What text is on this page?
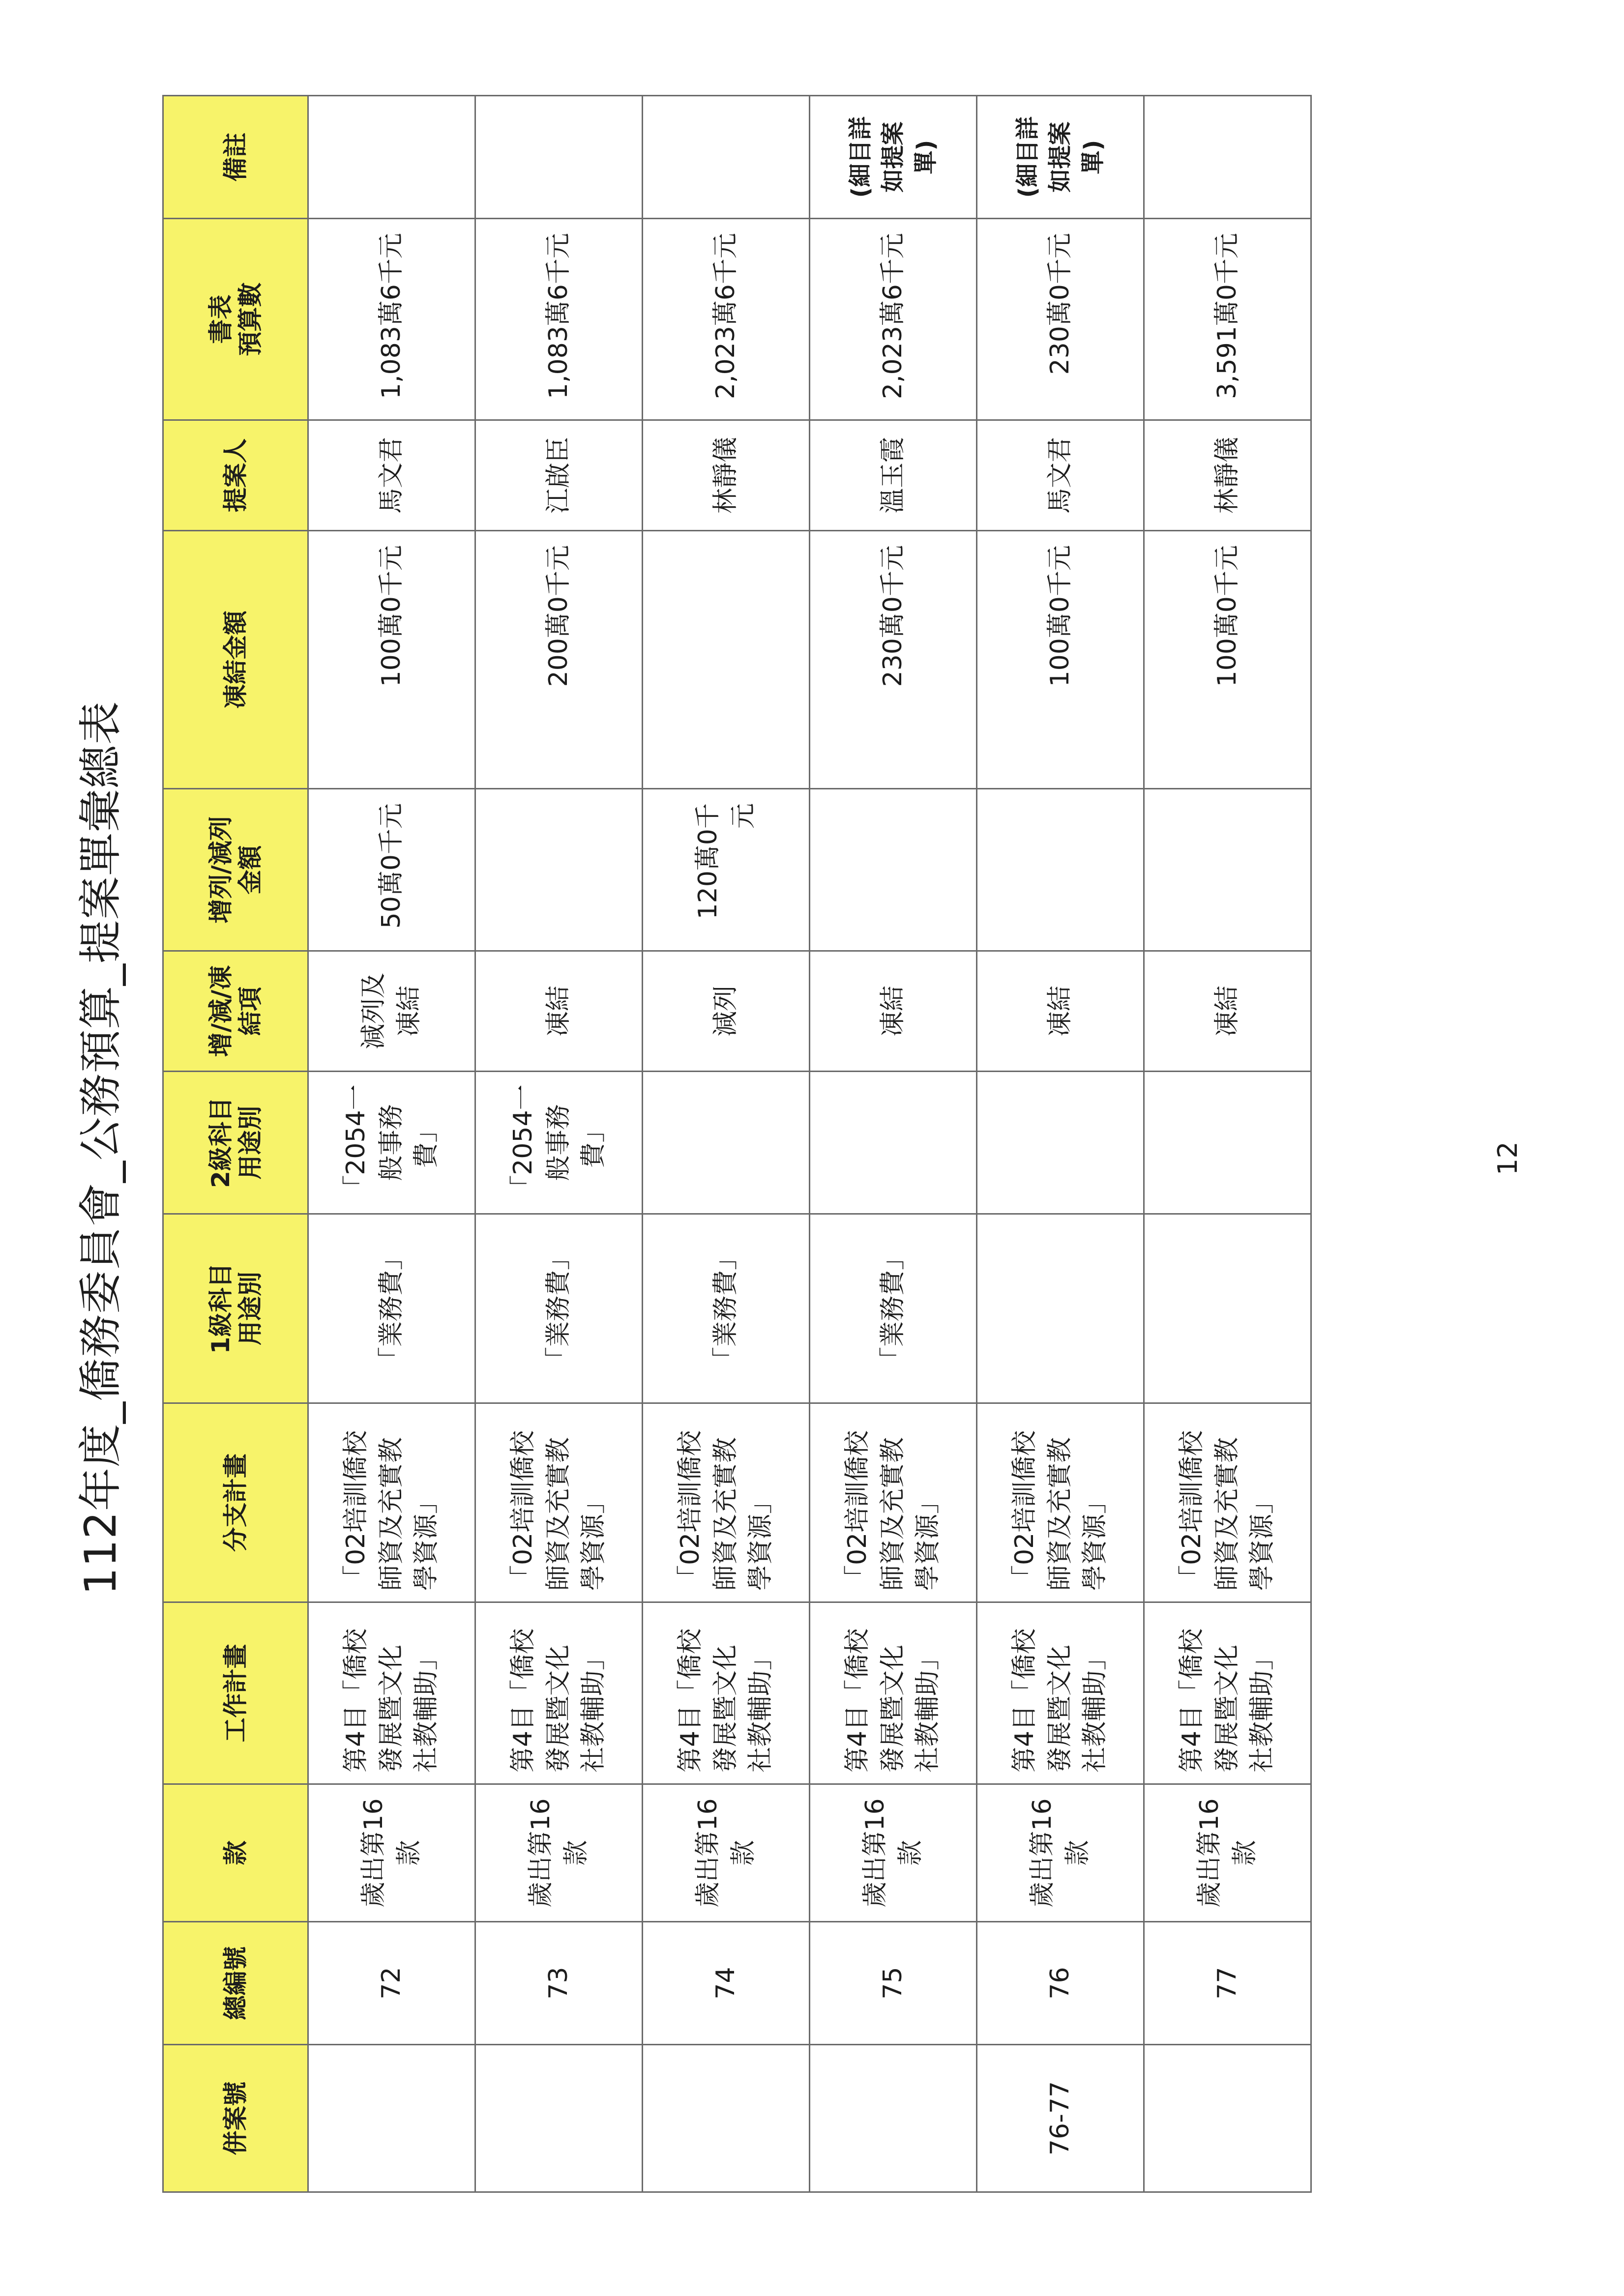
112年度_僑務委員會_公務預算_提案單彙總表
併案號	總編號	款	工作計畫	分支計畫	1級科目
用途別	2級科目
用途別	增/減/凍
結項	增列/減列
金額	凍結金額	提案人	書表
預算數	備註
	72	歲出第16 款	第4目「僑校 發展暨文化 社教輔助」	「02培訓僑校 師資及充實教 學資源」	「業務費」	「2054一 般事務 費」	減列及 凍結	50萬0千元	100萬0千元	馬文君	1,083萬6千元	
	73	歲出第16 款	第4目「僑校 發展暨文化 社教輔助」	「02培訓僑校 師資及充實教 學資源」	「業務費」	「2054一 般事務 費」	凍結		200萬0千元	江啟臣	1,083萬6千元	
	74	歲出第16 款	第4目「僑校 發展暨文化 社教輔助」	「02培訓僑校 師資及充實教 學資源」	「業務費」		減列	120萬0千元		林靜儀	2,023萬6千元	
	75	歲出第16 款	第4目「僑校 發展暨文化 社教輔助」	「02培訓僑校 師資及充實教 學資源」	「業務費」		凍結		230萬0千元	溫玉霞	2,023萬6千元	(細目詳 如提案 單)
76-77	76	歲出第16 款	第4目「僑校 發展暨文化 社教輔助」	「02培訓僑校 師資及充實教 學資源」			凍結		100萬0千元	馬文君	230萬0千元	(細目詳 如提案 單)
	77	歲出第16 款	第4目「僑校 發展暨文化 社教輔助」	「02培訓僑校 師資及充實教 學資源」			凍結		100萬0千元	林靜儀	3,591萬0千元	
12
